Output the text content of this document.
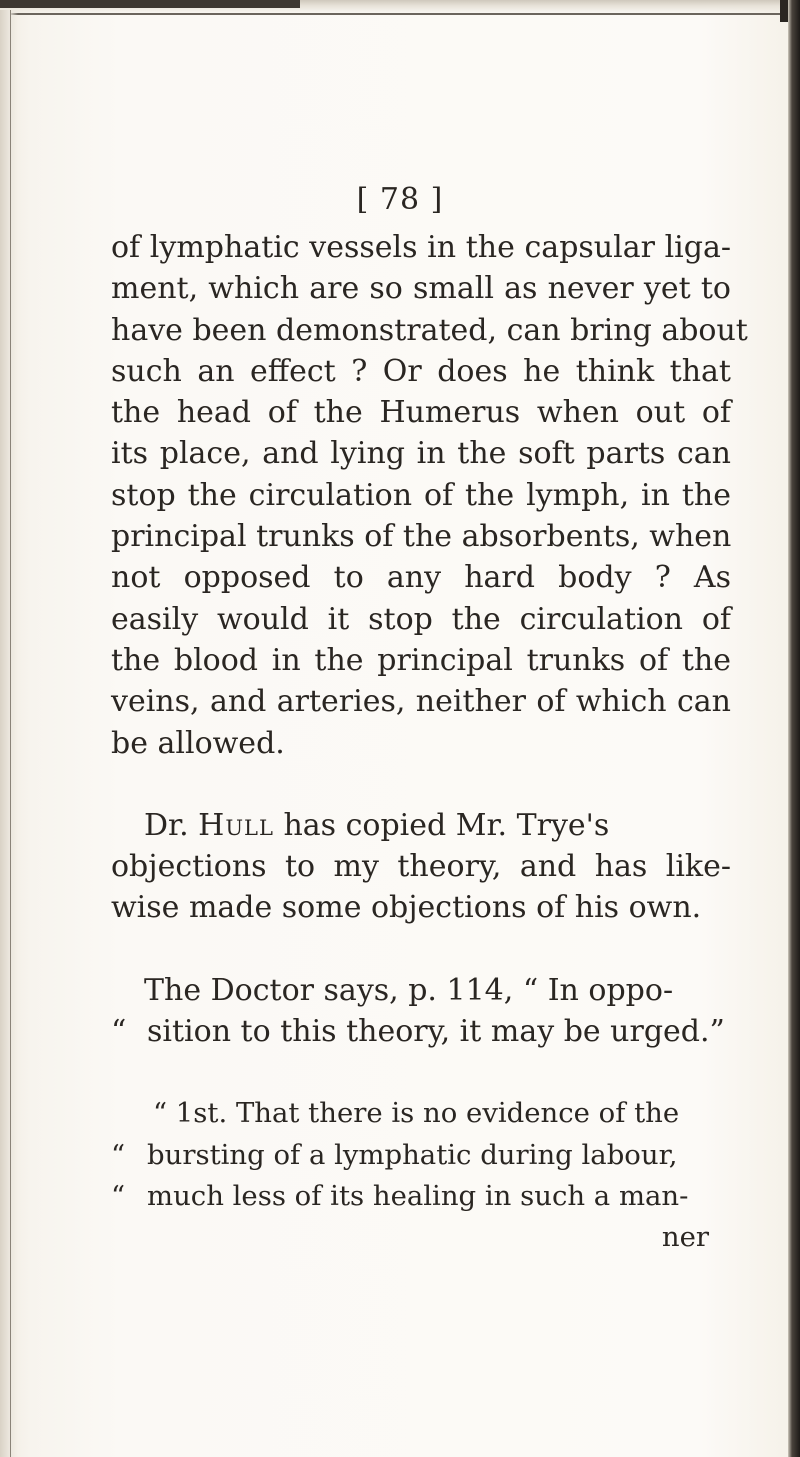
[ 78 ]
of lymphatic vessels in the capsular liga-
ment, which are so small as never yet to
have been demonstrated, can bring about
such an effect ? Or does he think that
the head of the Humerus when out of
its place, and lying in the soft parts can
stop the circulation of the lymph, in the
principal trunks of the absorbents, when
not opposed to any hard body ? As
easily would it stop the circulation of
the blood in the principal trunks of the
veins, and arteries, neither of which can
be allowed.
Dr. Hull has copied Mr. Trye's
objections to my theory, and has like-
wise made some objections of his own.
The Doctor says, p. 114, “ In oppo-
“ sition to this theory, it may be urged.”
“ 1st. That there is no evidence of the
“ bursting of a lymphatic during labour,
“ much less of its healing in such a man-
ner
